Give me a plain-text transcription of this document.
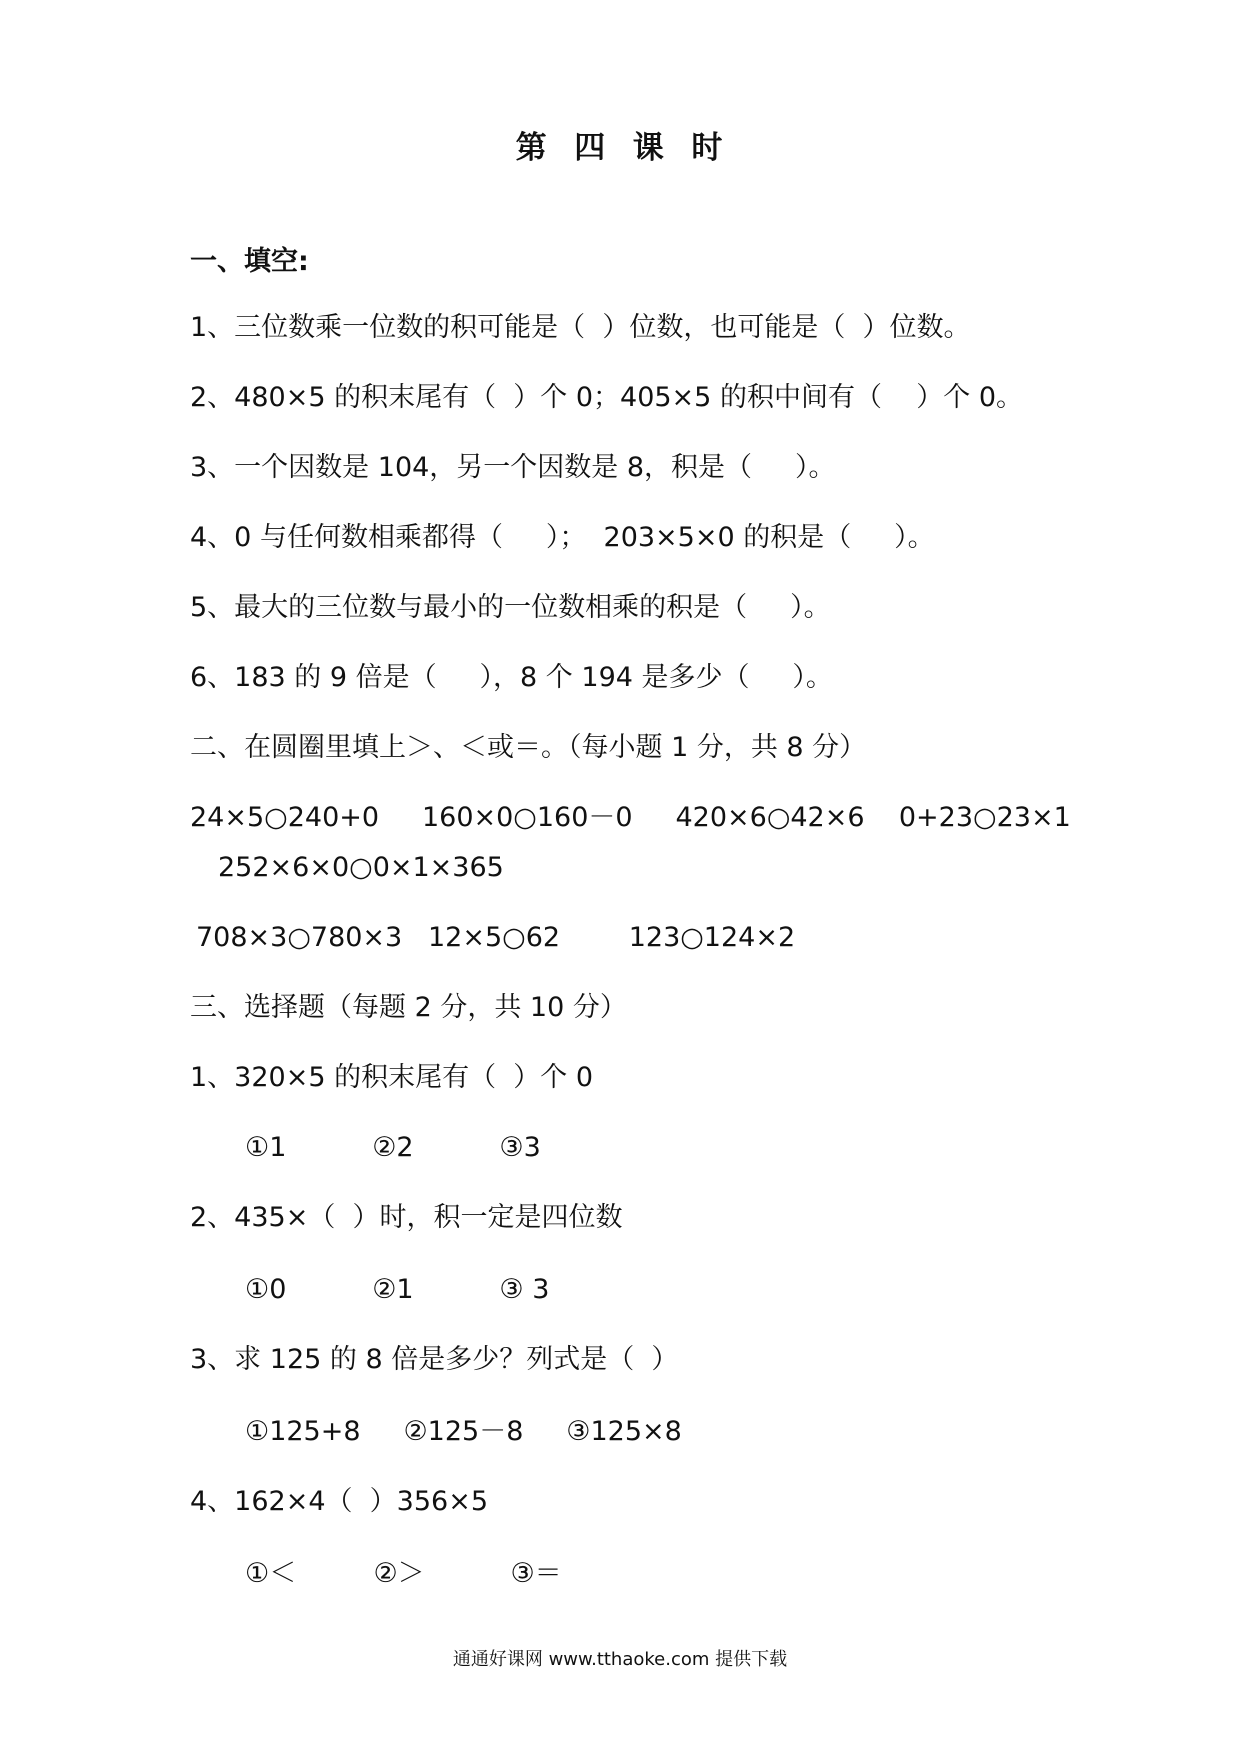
第  四  课  时
一、填空:
1、三位数乘一位数的积可能是（  ）位数，也可能是（  ）位数。
2、480×5 的积末尾有（  ）个 0；405×5 的积中间有（    ）个 0。
3、一个因数是 104，另一个因数是 8，积是（     ）。
4、0 与任何数相乘都得（     ）；  203×5×0 的积是（     ）。
5、最大的三位数与最小的一位数相乘的积是（     ）。
6、183 的 9 倍是（     ），8 个 194 是多少（     ）。
二、在圆圈里填上＞、＜或＝。（每小题 1 分，共 8 分）
24×5○240+0     160×0○160－0     420×6○42×6    0+23○23×1
252×6×0○0×1×365
708×3○780×3   12×5○62        123○124×2
三、选择题（每题 2 分，共 10 分）
1、320×5 的积末尾有（  ）个 0
①1          ②2          ③3
2、435×（  ）时，积一定是四位数
①0          ②1          ③ 3
3、求 125 的 8 倍是多少？列式是（  ）
①125+8     ②125－8     ③125×8
4、162×4（  ）356×5
①＜         ②＞          ③＝
通通好课网 www.tthaoke.com 提供下载
